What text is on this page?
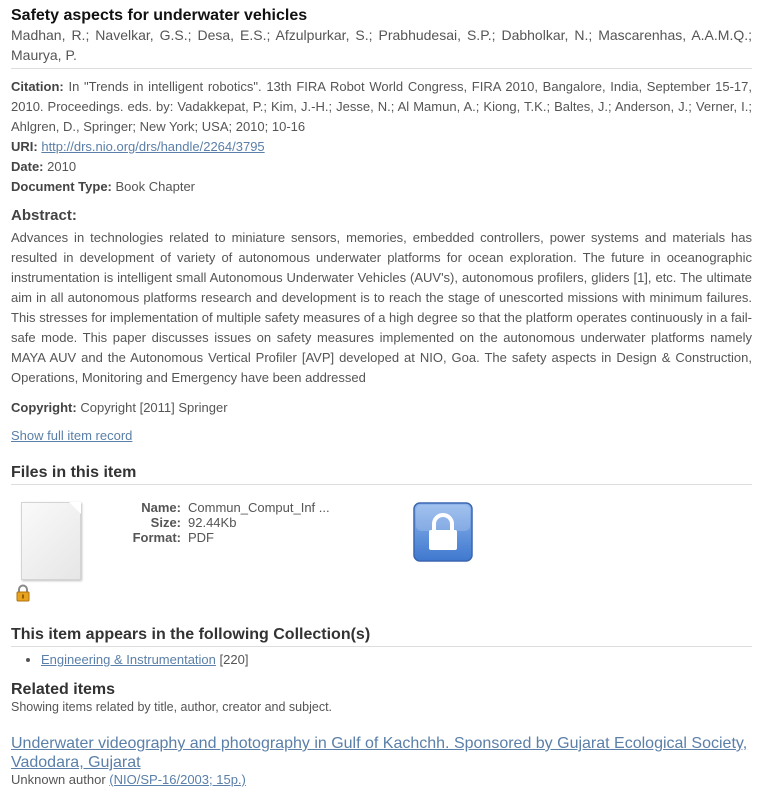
Safety aspects for underwater vehicles
Madhan, R.; Navelkar, G.S.; Desa, E.S.; Afzulpurkar, S.; Prabhudesai, S.P.; Dabholkar, N.; Mascarenhas, A.A.M.Q.; Maurya, P.
Citation: In "Trends in intelligent robotics". 13th FIRA Robot World Congress, FIRA 2010, Bangalore, India, September 15-17, 2010. Proceedings. eds. by: Vadakkepat, P.; Kim, J.-H.; Jesse, N.; Al Mamun, A.; Kiong, T.K.; Baltes, J.; Anderson, J.; Verner, I.; Ahlgren, D., Springer; New York; USA; 2010; 10-16
URI: http://drs.nio.org/drs/handle/2264/3795
Date: 2010
Document Type: Book Chapter
Abstract:
Advances in technologies related to miniature sensors, memories, embedded controllers, power systems and materials has resulted in development of variety of autonomous underwater platforms for ocean exploration. The future in oceanographic instrumentation is intelligent small Autonomous Underwater Vehicles (AUV's), autonomous profilers, gliders [1], etc. The ultimate aim in all autonomous platforms research and development is to reach the stage of unescorted missions with minimum failures. This stresses for implementation of multiple safety measures of a high degree so that the platform operates continuously in a fail-safe mode. This paper discusses issues on safety measures implemented on the autonomous underwater platforms namely MAYA AUV and the Autonomous Vertical Profiler [AVP] developed at NIO, Goa. The safety aspects in Design & Construction, Operations, Monitoring and Emergency have been addressed
Copyright: Copyright [2011] Springer
Show full item record
Files in this item
Name: Commun_Comput_Inf ...
Size: 92.44Kb
Format: PDF
This item appears in the following Collection(s)
• Engineering & Instrumentation [220]
Related items
Showing items related by title, author, creator and subject.
Underwater videography and photography in Gulf of Kachchh. Sponsored by Gujarat Ecological Society, Vadodara, Gujarat
Unknown author (NIO/SP-16/2003; 15p.)
